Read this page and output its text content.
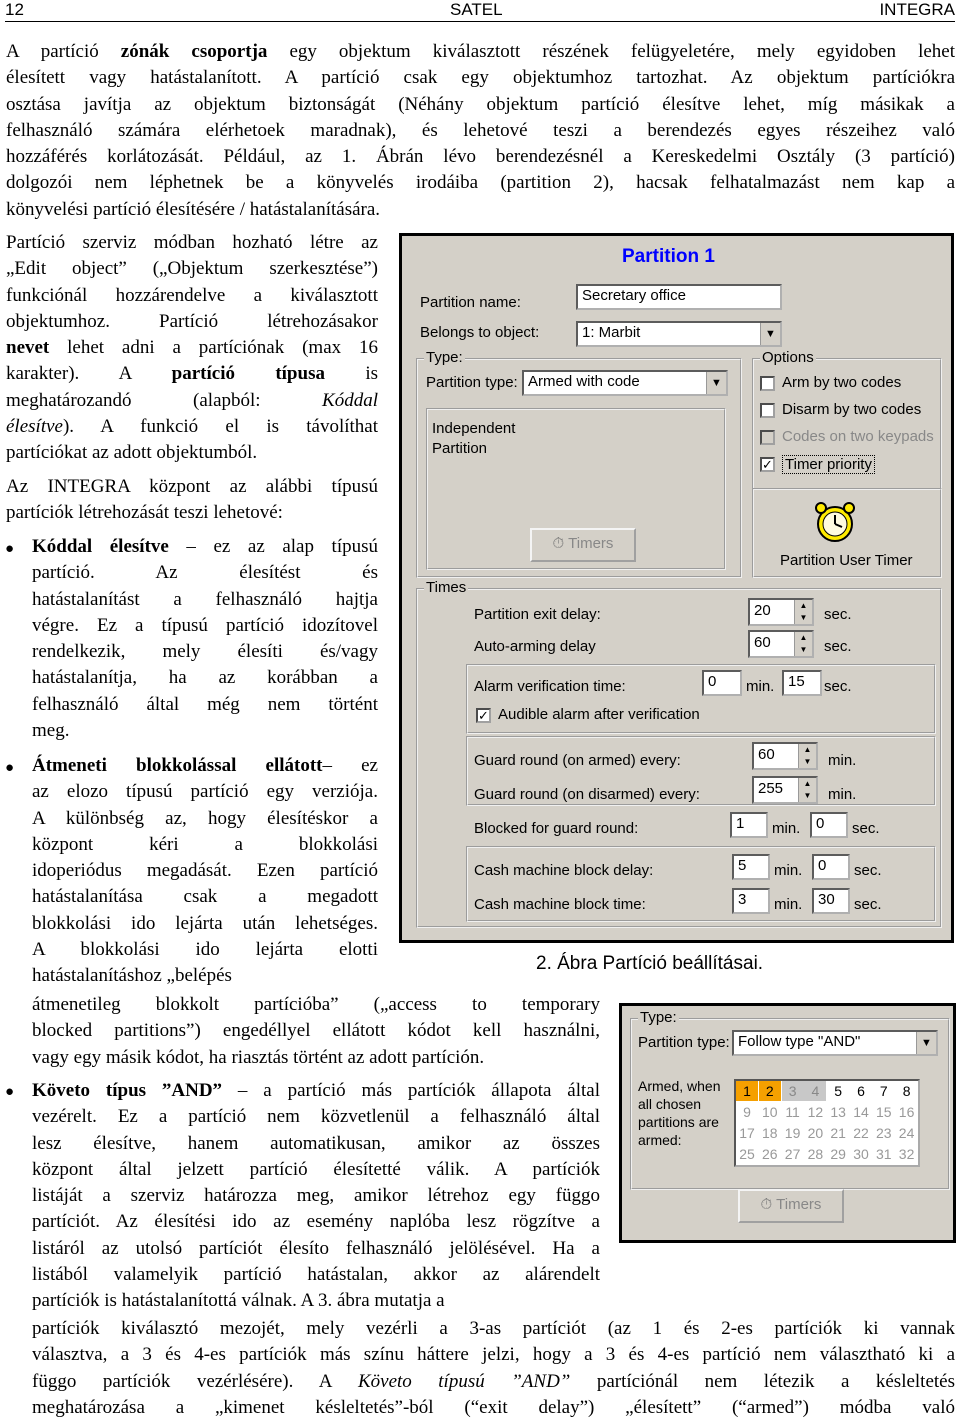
12	SATEL	INTEGRA
A partíció zónák csoportja egy objektum kiválasztott részének felügyeletére, mely egyidoben lehet
élesített vagy hatástalanított. A partíció csak egy objektumhoz tartozhat. Az objektum partíciókra
osztása javítja az objektum biztonságát (Néhány objektum partíció élesítve lehet, míg másikak a
felhasználó számára elérhetoek maradnak), és lehetové teszi a berendezés egyes részeihez való
hozzáférés korlátozását. Például, az 1. Ábrán lévo berendezésnél a Kereskedelmi Osztály (3 partíció)
dolgozói nem léphetnek be a könyvelés irodáiba (partition 2), hacsak felhatalmazást nem kap a
könyvelési partíció élesítésére / hatástalanítására.
Partíció szerviz módban hozható létre az
„Edit object” („Objektum szerkesztése”)
funkciónál hozzárendelve a kiválasztott
objektumhoz. Partíció létrehozásakor
nevet lehet adni a partíciónak (max 16
karakter). A partíció típusa is
meghatározandó (alapból: Kóddal
élesítve). A funkció el is távolíthat
partíciókat az adott objektumból.
Az INTEGRA központ az alábbi típusú
partíciók létrehozását teszi lehetové:
● Kóddal élesítve – ez az alap típusú
partíció. Az élesítést és
hatástalanítást a felhasználó hajtja
végre. Ez a típusú partíció idozítovel
rendelkezik, mely élesíti és/vagy
hatástalanítja, ha az korábban a
felhasználó által még nem történt
meg.
● Átmeneti blokkolással ellátott– ez
az elozo típusú partíció egy verziója.
A különbség az, hogy élesítéskor a
központ kéri a blokkolási
idoperiódus megadását. Ezen partíció
hatástalanítása csak a megadott
blokkolási ido lejárta után lehetséges.
A blokkolási ido lejárta elotti
hatástalanításhoz „belépés
átmenetileg blokkolt partícióba” („access to temporary
blocked partitions”) engedéllyel ellátott kódot kell használni,
vagy egy másik kódot, ha riasztás történt az adott partíción.
● Követo típus ”AND” – a partíció más partíciók állapota által
vezérelt. Ez a partíció nem közvetlenül a felhasználó által
lesz élesítve, hanem automatikusan, amikor az összes
központ által jelzett partíció élesítetté válik. A partíciók
listáját a szerviz határozza meg, amikor létrehoz egy függo
partíciót. Az élesítési ido az esemény naplóba lesz rögzítve a
listáról az utolsó partíciót élesíto felhasználó jelölésével. Ha a
listából valamelyik partíció hatástalan, akkor az alárendelt
partíciók is hatástalanítottá válnak. A 3. ábra mutatja a
partíciók kiválasztó mezojét, mely vezérli a 3-as partíciót (az 1 és 2-es partíciók ki vannak
választva, a 3 és 4-es partíciók más színu háttere jelzi, hogy a 3 és 4-es partíció nem választható ki a
függo partíciók vezérlésére). A Követo típusú ”AND” partíciónál nem létezik a késleltetés
meghatározása a „kimenet késleltetés”-ból (“exit delay”) „élesített” (“armed”) módba való
Partition 1
Partition name:	Secretary office
Belongs to object:	1: Marbit	▼
Type:
Partition type: Armed with code	▼
Independent
Partition
Options
Arm by two codes
Disarm by two codes
Codes on two keypads
✓ Timer priority
⏱ Timers
Partition User Timer
Times
Partition exit delay:	20	▲
▼	sec.
Auto-arming delay	60	▲
▼	sec.
Alarm verification time:	0	min. 15	sec.
✓ Audible alarm after verification
Guard round (on armed) every:	60	▲
▼	min.
Guard round (on disarmed) every:	255	▲
▼	min.
Blocked for guard round:	1	min.	0	sec.
Cash machine block delay:	5	min.	0	sec.
Cash machine block time:	3	min.	30	sec.
2. Ábra Partíció beállításai.
Type:
Partition type: Follow type "AND"	▼
Armed, when
all chosen
partitions are
armed:
1	2	3	4	5	6	7	8
9 10 11 12 13 14 15 16
17 18 19 20 21 22 23 24
25 26 27 28 29 30 31 32
⏱ Timers
